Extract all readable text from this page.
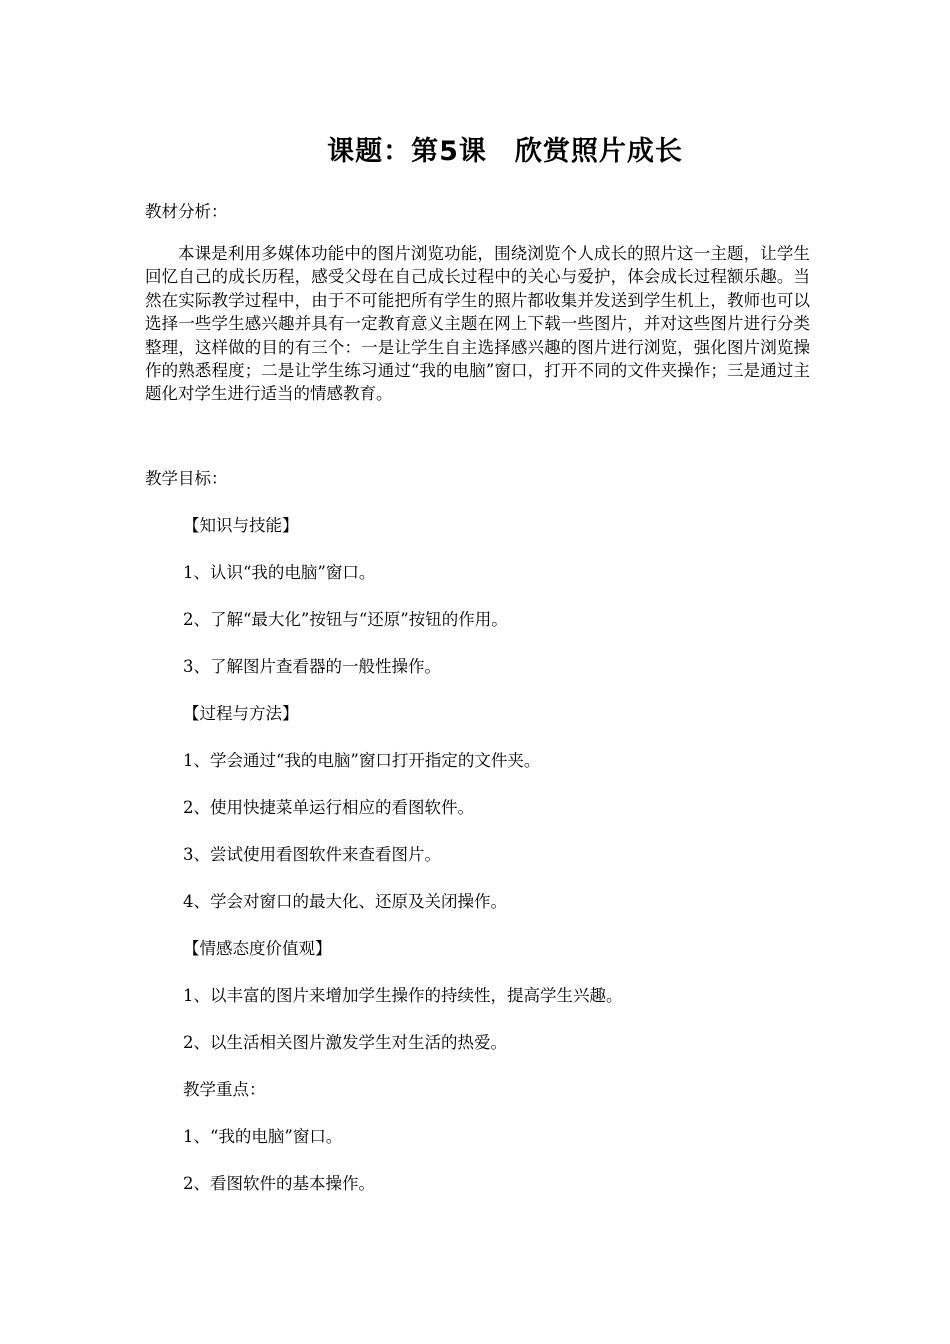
课题：第5课　欣赏照片成长
教材分析：
本课是利用多媒体功能中的图片浏览功能，围绕浏览个人成长的照片这一主题，让学生回忆自己的成长历程，感受父母在自己成长过程中的关心与爱护，体会成长过程额乐趣。当然在实际教学过程中，由于不可能把所有学生的照片都收集并发送到学生机上，教师也可以选择一些学生感兴趣并具有一定教育意义主题在网上下载一些图片，并对这些图片进行分类整理，这样做的目的有三个：一是让学生自主选择感兴趣的图片进行浏览，强化图片浏览操作的熟悉程度；二是让学生练习通过“我的电脑”窗口，打开不同的文件夹操作；三是通过主题化对学生进行适当的情感教育。
教学目标：
【知识与技能】
1、认识“我的电脑”窗口。
2、了解“最大化”按钮与“还原”按钮的作用。
3、了解图片查看器的一般性操作。
【过程与方法】
1、学会通过“我的电脑”窗口打开指定的文件夹。
2、使用快捷菜单运行相应的看图软件。
3、尝试使用看图软件来查看图片。
4、学会对窗口的最大化、还原及关闭操作。
【情感态度价值观】
1、以丰富的图片来增加学生操作的持续性，提高学生兴趣。
2、以生活相关图片激发学生对生活的热爱。
教学重点：
1、“我的电脑”窗口。
2、看图软件的基本操作。
